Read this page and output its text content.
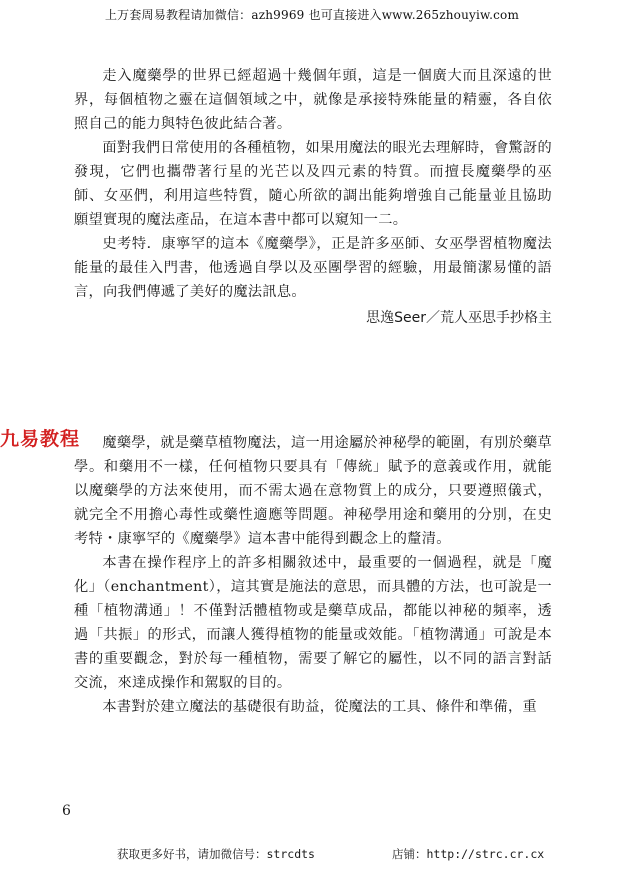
上万套周易教程请加微信：azh9969 也可直接进入www.265zhouyiw.com

走入魔藥學的世界已經超過十幾個年頭，這是一個廣大而且深遠的世界，每個植物之靈在這個領域之中，就像是承接特殊能量的精靈，各自依照自己的能力與特色彼此結合著。

面對我們日常使用的各種植物，如果用魔法的眼光去理解時，會驚訝的發現，它們也攜帶著行星的光芒以及四元素的特質。而擅長魔藥學的巫師、女巫們，利用這些特質，隨心所欲的調出能夠增強自己能量並且協助願望實現的魔法產品，在這本書中都可以窺知一二。

史考特．康寧罕的這本《魔藥學》，正是許多巫師、女巫學習植物魔法能量的最佳入門書，他透過自學以及巫團學習的經驗，用最簡潔易懂的語言，向我們傳遞了美好的魔法訊息。

思逸Seer／荒人巫思手抄格主
九易教程	魔藥學，就是藥草植物魔法，這一用途屬於神秘學的範圍，有別於藥草學。和藥用不一樣，任何植物只要具有「傳統」賦予的意義或作用，就能以魔藥學的方法來使用，而不需太過在意物質上的成分，只要遵照儀式，就完全不用擔心毒性或藥性適應等問題。神秘學用途和藥用的分別，在史考特・康寧罕的《魔藥學》這本書中能得到觀念上的釐清。

本書在操作程序上的許多相關敘述中，最重要的一個過程，就是「魔化」（enchantment），這其實是施法的意思，而具體的方法，也可說是一種「植物溝通」！不僅對活體植物或是藥草成品，都能以神秘的頻率，透過「共振」的形式，而讓人獲得植物的能量或效能。「植物溝通」可說是本書的重要觀念，對於每一種植物，需要了解它的屬性，以不同的語言對話交流，來達成操作和駕馭的目的。

本書對於建立魔法的基礎很有助益，從魔法的工具、條件和準備，重

6
获取更多好书，请加微信号：strcdts	店铺：http://strc.cr.cx
